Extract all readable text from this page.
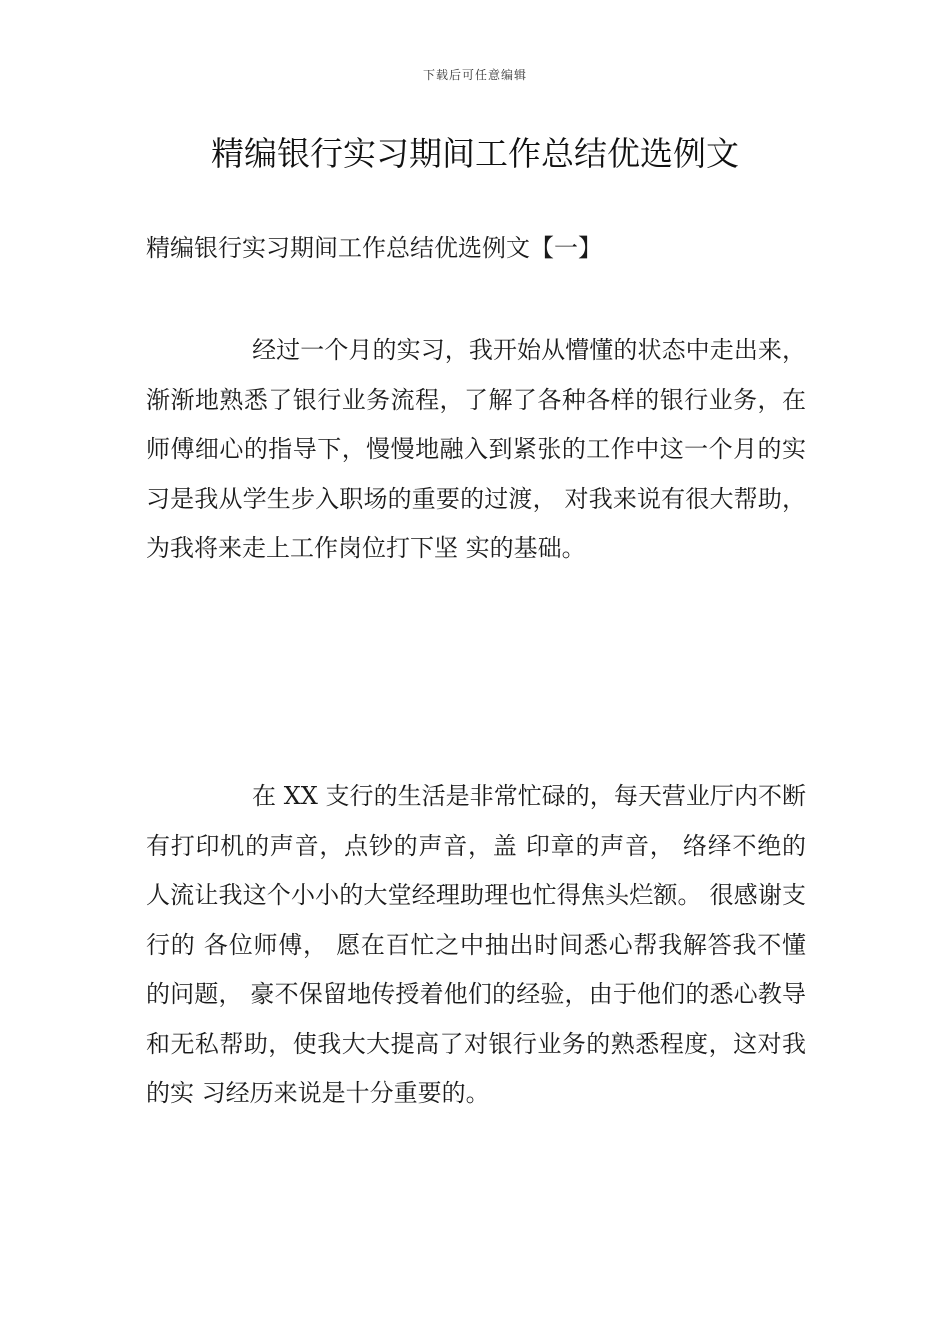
下载后可任意编辑
精编银行实习期间工作总结优选例文
精编银行实习期间工作总结优选例文【一】

经过一个月的实习，我开始从懵懂的状态中走出来，渐渐地熟悉了银行业务流程，了解了各种各样的银行业务，在师傅细心的指导下，慢慢地融入到紧张的工作中这一个月的实 习是我从学生步入职场的重要的过渡， 对我来说有很大帮助， 为我将来走上工作岗位打下坚 实的基础。

在 XX 支行的生活是非常忙碌的，每天营业厅内不断有打印机的声音，点钞的声音，盖 印章的声音， 络绎不绝的人流让我这个小小的大堂经理助理也忙得焦头烂额。 很感谢支行的 各位师傅， 愿在百忙之中抽出时间悉心帮我解答我不懂的问题， 豪不保留地传授着他们的经验，由于他们的悉心教导和无私帮助，使我大大提高了对银行业务的熟悉程度，这对我的实 习经历来说是十分重要的。
